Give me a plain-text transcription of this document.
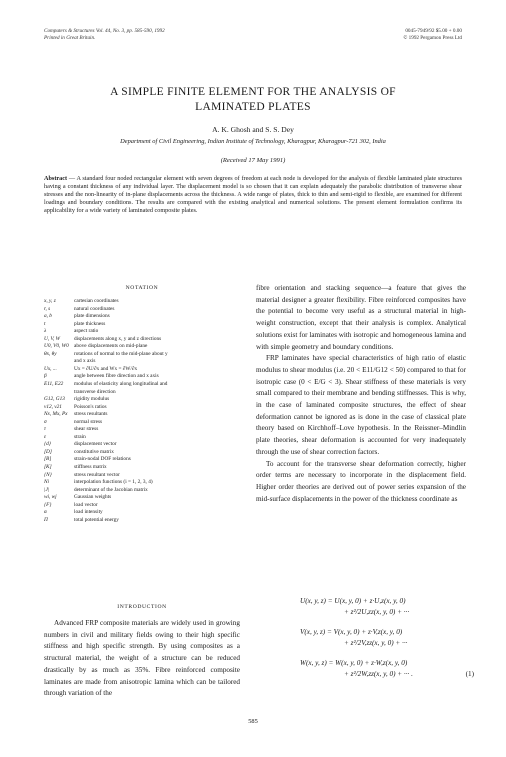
Computers & Structures Vol. 44, No. 3, pp. 585-590, 1992
Printed in Great Britain.
0045-7949/92 $5.00 + 0.00
© 1992 Pergamon Press Ltd
A SIMPLE FINITE ELEMENT FOR THE ANALYSIS OF
LAMINATED PLATES
A. K. Ghosh and S. S. Dey
Department of Civil Engineering, Indian Institute of Technology, Kharagpur, Kharagpur-721 302, India
(Received 17 May 1991)
Abstract — A standard four noded rectangular element with seven degrees of freedom at each node is developed for the analysis of flexible laminated plate structures having a constant thickness of any individual layer. The displacement model is so chosen that it can explain adequately the parabolic distribution of transverse shear stresses and the non-linearity of in-plane displacements across the thickness. A wide range of plates, thick to thin and semi-rigid to flexible, are examined for different loadings and boundary conditions. The results are compared with the existing analytical and numerical solutions. The present element formulation confirms its applicability for a wide variety of laminated composite plates.
NOTATION
x, y, z	cartesian coordinates
r, s	natural coordinates
a, b	plate dimensions
t	plate thickness
λ	aspect ratio
U, V, W	displacements along x, y and z directions
U0, V0, W0 above displacements on mid-plane
θx, θy	rotations of normal to the mid-plane about y
and x axis
Ux, ...	Ux = ∂U/∂x and Wx = ∂W/∂x
β	angle between fibre direction and x axis
E11, E22	modulus of elasticity along longitudinal and
transverse direction
G12, G13	rigidity modulus
ν12, ν21	Poisson's ratios
Nx, Mx, Px	stress resultants
σ	normal stress
τ	shear stress
ε	strain
{d}	displacement vector
[D]	constitutive matrix
[B]	strain-nodal DOF relations
[K]	stiffness matrix
{N}	stress resultant vector
Ni	interpolation functions (i = 1, 2, 3, 4)
|J|	determinant of the Jacobian matrix
wi, wj	Gaussian weights
{F}	load vector
α	load intensity
Π	total potential energy
INTRODUCTION

Advanced FRP composite materials are widely used in growing numbers in civil and military fields owing to their high specific stiffness and high specific strength. By using composites as a structural material, the weight of a structure can be reduced drastically by as much as 35%. Fibre reinforced composite laminates are made from anisotropic lamina which can be tailored through variation of the

fibre orientation and stacking sequence—a feature that gives the material designer a greater flexibility. Fibre reinforced composites have the potential to become very useful as a structural material in high-weight construction, except that their analysis is complex. Analytical solutions exist for laminates with isotropic and homogeneous lamina and with simple geometry and boundary conditions.

FRP laminates have special characteristics of high ratio of elastic modulus to shear modulus (i.e. 20 < E11/G12 < 50) compared to that for isotropic case (0 < E/G < 3). Shear stiffness of these materials is very small compared to their membrane and bending stiffnesses. This is why, in the case of laminated composite structures, the effect of shear deformation cannot be ignored as is done in the case of classical plate theory based on Kirchhoff–Love hypothesis. In the Reissner–Mindlin plate theories, shear deformation is accounted for very inadequately through the use of shear correction factors.

To account for the transverse shear deformation correctly, higher order terms are necessary to incorporate in the displacement field. Higher order theories are derived out of power series expansion of the mid-surface displacements in the power of the thickness coordinate as

U(x, y, z) = U(x, y, 0) + z·U,z(x, y, 0)
+ z²/2U,zz(x, y, 0) + ···
V(x, y, z) = V(x, y, 0) + z·V,z(x, y, 0)
+ z²/2V,zz(x, y, 0) + ···
W(x, y, z) = W(x, y, 0) + z·W,z(x, y, 0)
+ z²/2W,zz(x, y, 0) + ··· .	(1)
585
